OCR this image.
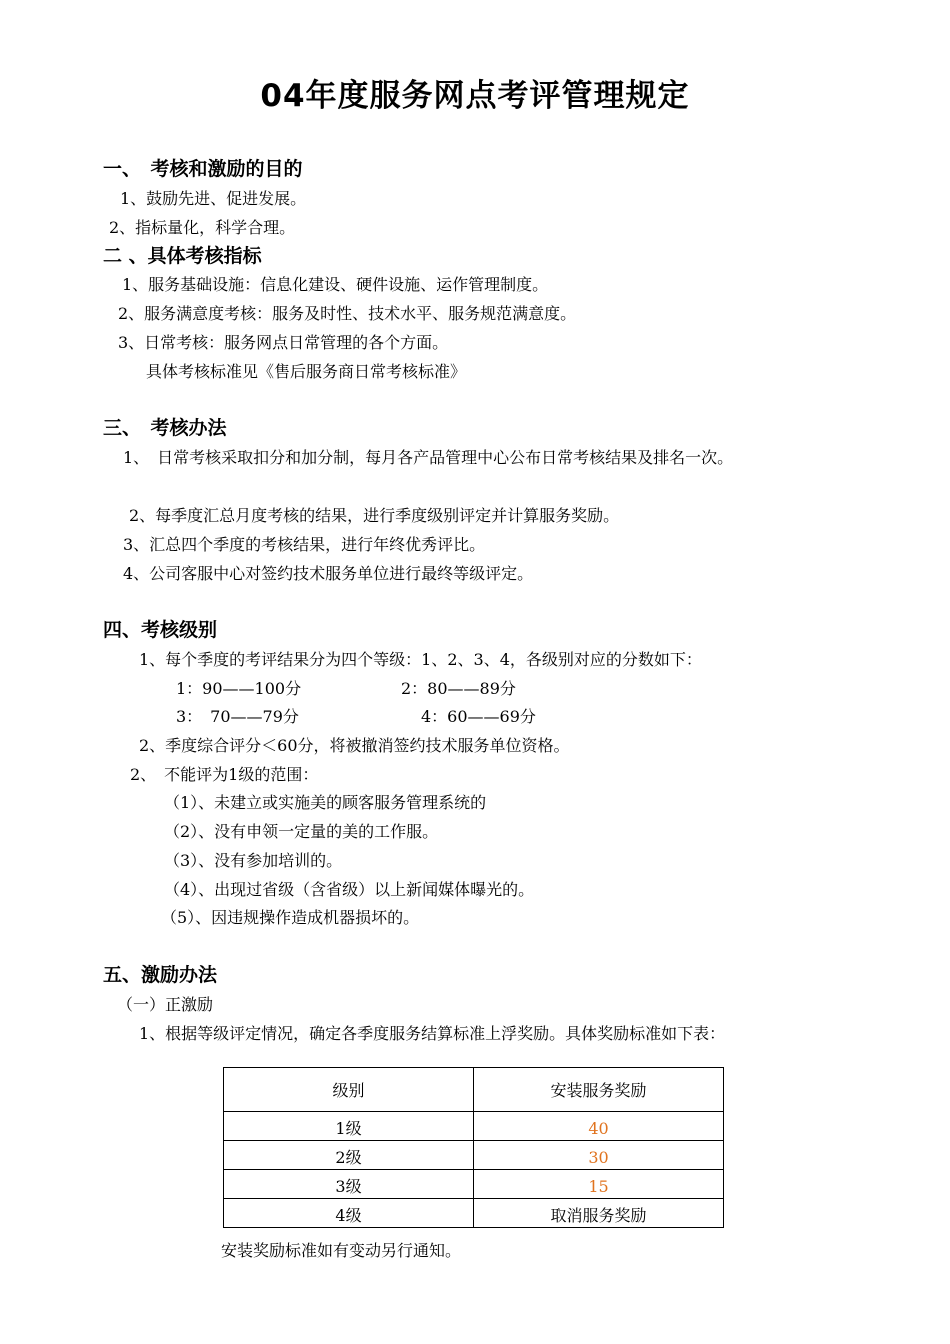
04年度服务网点考评管理规定
一、　考核和激励的目的
1、鼓励先进、促进发展。
2、指标量化，科学合理。
二 、具体考核指标
1、服务基础设施：信息化建设、硬件设施、运作管理制度。
2、服务满意度考核：服务及时性、技术水平、服务规范满意度。
3、日常考核：服务网点日常管理的各个方面。
具体考核标准见《售后服务商日常考核标准》
三、　考核办法
1、　日常考核采取扣分和加分制，每月各产品管理中心公布日常考核结果及排名一次。
2、每季度汇总月度考核的结果，进行季度级别评定并计算服务奖励。
3、汇总四个季度的考核结果，进行年终优秀评比。
4、公司客服中心对签约技术服务单位进行最终等级评定。
四、考核级别
1、每个季度的考评结果分为四个等级：1、2、3、4，各级别对应的分数如下：
1：90——100分	2：80——89分
3：　70——79分	4：60——69分
2、季度综合评分＜60分，将被撤消签约技术服务单位资格。
2、　不能评为1级的范围：
（1）、未建立或实施美的顾客服务管理系统的
（2）、没有申领一定量的美的工作服。
（3）、没有参加培训的。
（4）、出现过省级（含省级）以上新闻媒体曝光的。
（5）、因违规操作造成机器损坏的。
五、激励办法
（一）正激励
1、根据等级评定情况，确定各季度服务结算标准上浮奖励。具体奖励标准如下表：
级别	安装服务奖励
1级	40
2级	30
3级	15
4级	取消服务奖励
安装奖励标准如有变动另行通知。
